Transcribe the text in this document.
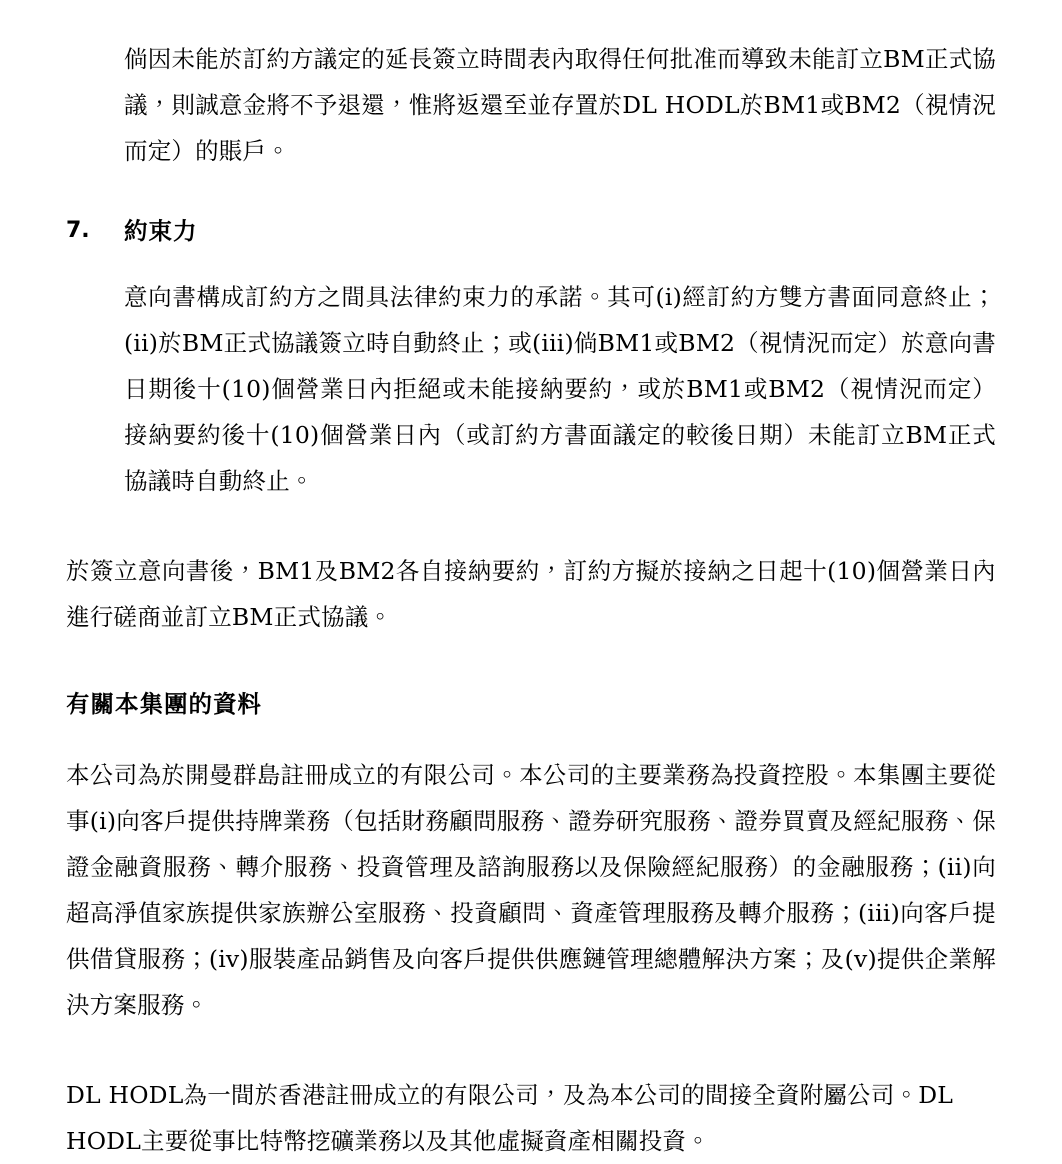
倘因未能於訂約方議定的延長簽立時間表內取得任何批准而導致未能訂立BM正式協議，則誠意金將不予退還，惟將返還至並存置於DL HODL於BM1或BM2（視情況而定）的賬戶。

7.	約束力

意向書構成訂約方之間具法律約束力的承諾。其可(i)經訂約方雙方書面同意終止；(ii)於BM正式協議簽立時自動終止；或(iii)倘BM1或BM2（視情況而定）於意向書日期後十(10)個營業日內拒絕或未能接納要約，或於BM1或BM2（視情況而定）接納要約後十(10)個營業日內（或訂約方書面議定的較後日期）未能訂立BM正式協議時自動終止。

於簽立意向書後，BM1及BM2各自接納要約，訂約方擬於接納之日起十(10)個營業日內進行磋商並訂立BM正式協議。

有關本集團的資料

本公司為於開曼群島註冊成立的有限公司。本公司的主要業務為投資控股。本集團主要從事(i)向客戶提供持牌業務（包括財務顧問服務、證券研究服務、證券買賣及經紀服務、保證金融資服務、轉介服務、投資管理及諮詢服務以及保險經紀服務）的金融服務；(ii)向超高淨值家族提供家族辦公室服務、投資顧問、資產管理服務及轉介服務；(iii)向客戶提供借貸服務；(iv)服裝產品銷售及向客戶提供供應鏈管理總體解決方案；及(v)提供企業解決方案服務。

DL HODL為一間於香港註冊成立的有限公司，及為本公司的間接全資附屬公司。DL HODL主要從事比特幣挖礦業務以及其他虛擬資產相關投資。
